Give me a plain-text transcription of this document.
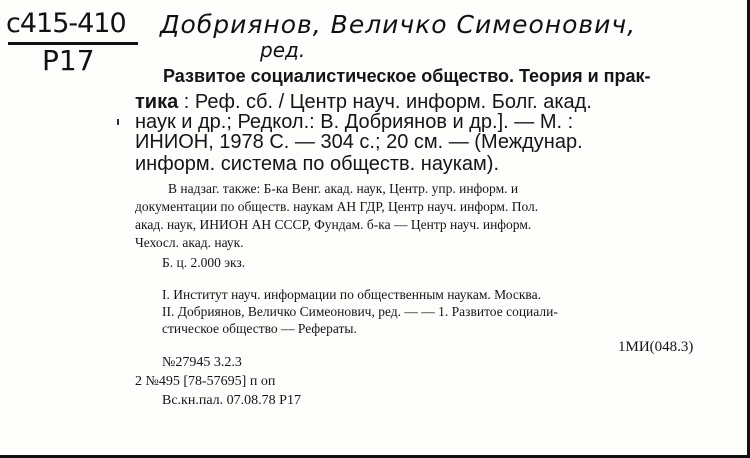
с415-410
Р17
Добриянов, Величко Симеонович,
ред.
Развитое социалистическое общество. Теория и прак-
тика : Реф. сб. / Центр науч. информ. Болг. акад.
наук и др.; Редкол.: В. Добриянов и др.]. — М. :
ИНИОН, 1978 С. — 304 с.; 20 см. — (Междунар.
информ. система по обществ. наукам).
В надзаг. также: Б-ка Венг. акад. наук, Центр. упр. информ. и
документации по обществ. наукам АН ГДР, Центр науч. информ. Пол.
акад. наук, ИНИОН АН СССР, Фундам. б-ка — Центр науч. информ.
Чехосл. акад. наук.
Б. ц. 2.000 экз.
I. Институт науч. информации по общественным наукам. Москва.
II. Добриянов, Величко Симеонович, ред. — — 1. Развитое социали-
стическое общество — Рефераты.
1МИ(048.3)
№27945 3.2.3
2 №495 [78-57695] п оп
Вс.кн.пал. 07.08.78 Р17
